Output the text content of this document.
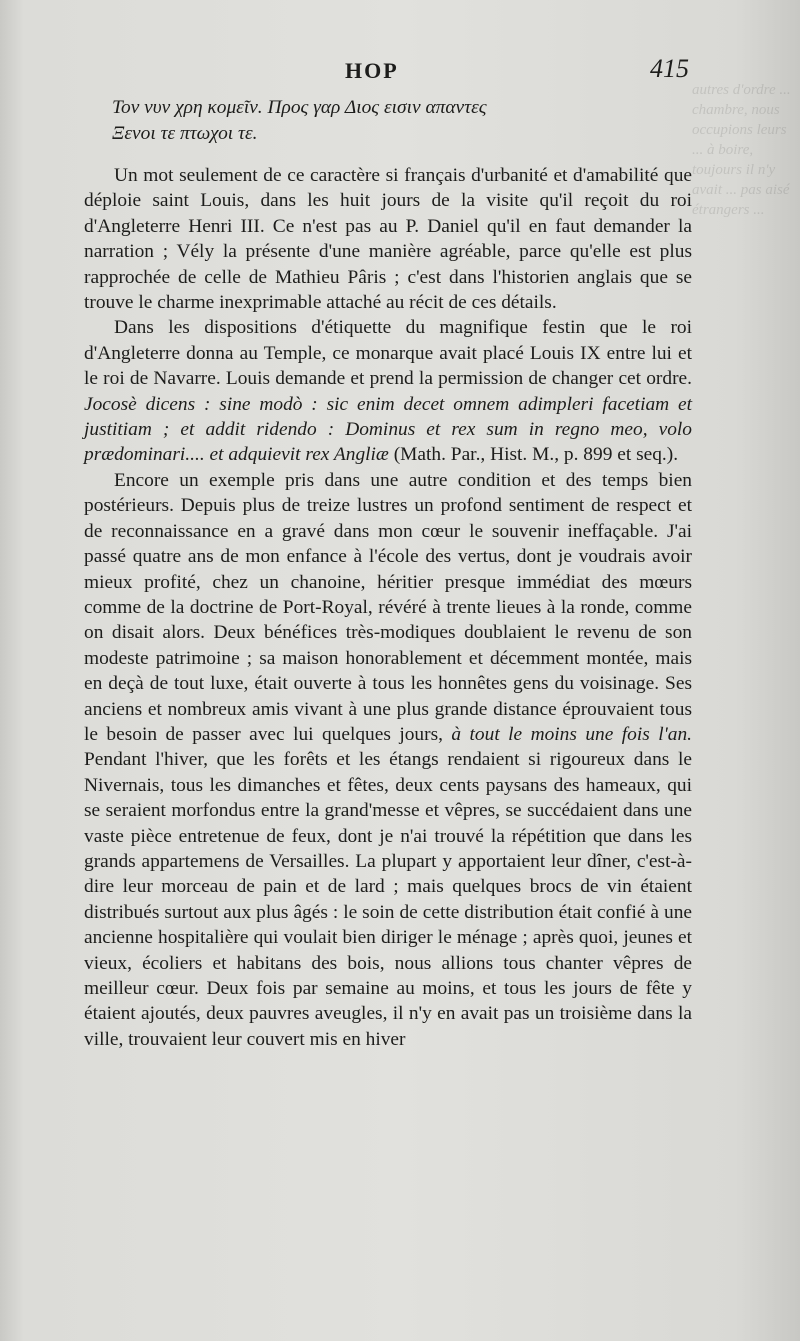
autres d'ordre ... chambre, nous occupions leurs ... à boire, toujours il n'y avait ... pas aisé étrangers ...
HOP	415

Τον νυν χρη κομεῖν. Προς γαρ Διος εισιν απαντες

Ξενοι τε πτωχοι τε.

Un mot seulement de ce caractère si français d'urbanité et d'amabilité que déploie saint Louis, dans les huit jours de la visite qu'il reçoit du roi d'Angleterre Henri III. Ce n'est pas au P. Daniel qu'il en faut demander la narration ; Vély la présente d'une manière agréable, parce qu'elle est plus rapprochée de celle de Mathieu Pâris ; c'est dans l'historien anglais que se trouve le charme inexprimable attaché au récit de ces détails.

Dans les dispositions d'étiquette du magnifique festin que le roi d'Angleterre donna au Temple, ce monarque avait placé Louis IX entre lui et le roi de Navarre. Louis demande et prend la permission de changer cet ordre. Jocosè dicens : sine modò : sic enim decet omnem adimpleri facetiam et justitiam ; et addit ridendo : Dominus et rex sum in regno meo, volo prædominari.... et adquievit rex Angliæ (Math. Par., Hist. M., p. 899 et seq.).

Encore un exemple pris dans une autre condition et des temps bien postérieurs. Depuis plus de treize lustres un profond sentiment de respect et de reconnaissance en a gravé dans mon cœur le souvenir ineffaçable. J'ai passé quatre ans de mon enfance à l'école des vertus, dont je voudrais avoir mieux profité, chez un chanoine, héritier presque immédiat des mœurs comme de la doctrine de Port-Royal, révéré à trente lieues à la ronde, comme on disait alors. Deux bénéfices très-modiques doublaient le revenu de son modeste patrimoine ; sa maison honorablement et décemment montée, mais en deçà de tout luxe, était ouverte à tous les honnêtes gens du voisinage. Ses anciens et nombreux amis vivant à une plus grande distance éprouvaient tous le besoin de passer avec lui quelques jours, à tout le moins une fois l'an. Pendant l'hiver, que les forêts et les étangs rendaient si rigoureux dans le Nivernais, tous les dimanches et fêtes, deux cents paysans des hameaux, qui se seraient morfondus entre la grand'messe et vêpres, se succédaient dans une vaste pièce entretenue de feux, dont je n'ai trouvé la répétition que dans les grands appartemens de Versailles. La plupart y apportaient leur dîner, c'est-à-dire leur morceau de pain et de lard ; mais quelques brocs de vin étaient distribués surtout aux plus âgés : le soin de cette distribution était confié à une ancienne hospitalière qui voulait bien diriger le ménage ; après quoi, jeunes et vieux, écoliers et habitans des bois, nous allions tous chanter vêpres de meilleur cœur. Deux fois par semaine au moins, et tous les jours de fête y étaient ajoutés, deux pauvres aveugles, il n'y en avait pas un troisième dans la ville, trouvaient leur couvert mis en hiver
